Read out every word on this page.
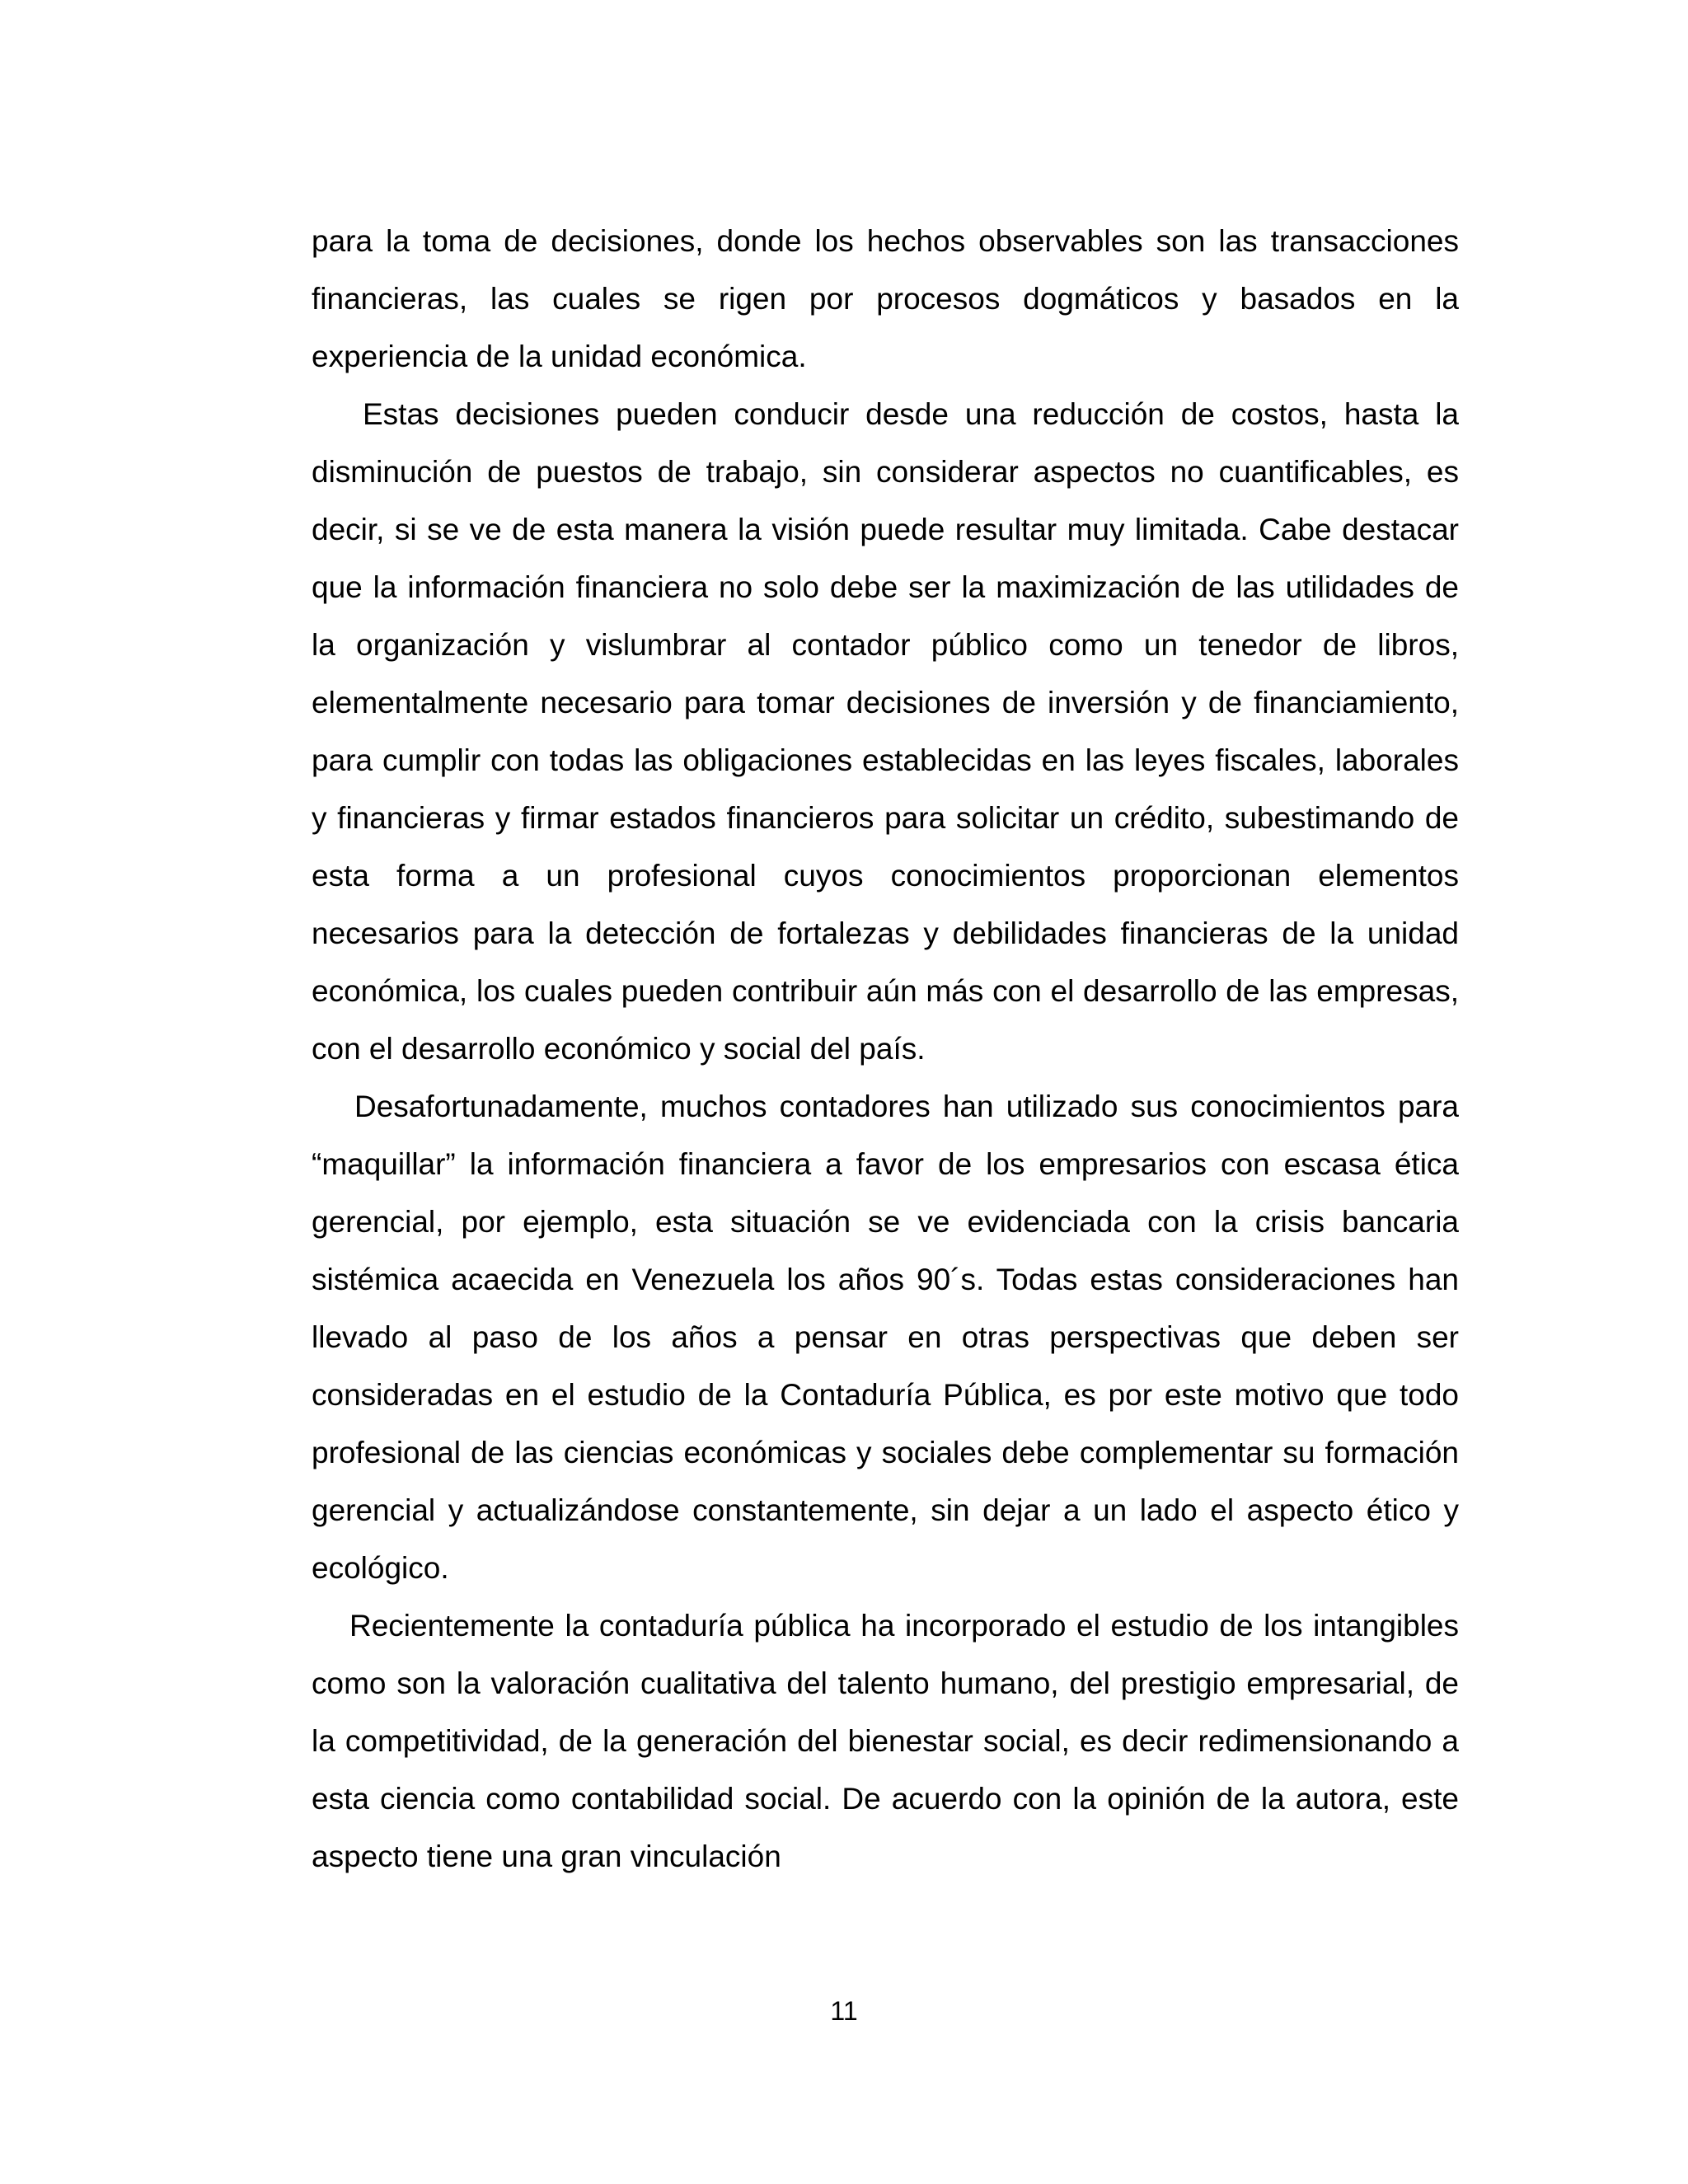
para la toma de decisiones, donde los hechos observables son las transacciones financieras, las cuales se rigen por procesos dogmáticos y basados en la experiencia de la unidad económica.

Estas decisiones pueden conducir desde una reducción de costos, hasta la disminución de puestos de trabajo, sin considerar aspectos no cuantificables, es decir, si se ve de esta manera la visión puede resultar muy limitada. Cabe destacar que la información financiera no solo debe ser la maximización de las utilidades de la organización y vislumbrar al contador público como un tenedor de libros, elementalmente necesario para tomar decisiones de inversión y de financiamiento, para cumplir con todas las obligaciones establecidas en las leyes fiscales, laborales y financieras y firmar estados financieros para solicitar un crédito, subestimando de esta forma a un profesional cuyos conocimientos proporcionan elementos necesarios para la detección de fortalezas y debilidades financieras de la unidad económica, los cuales pueden contribuir aún más con el desarrollo de las empresas, con el desarrollo económico y social del país.

Desafortunadamente, muchos contadores han utilizado sus conocimientos para “maquillar” la información financiera a favor de los empresarios con escasa ética gerencial, por ejemplo, esta situación se ve evidenciada con la crisis bancaria sistémica acaecida en Venezuela los años 90´s. Todas estas consideraciones han llevado al paso de los años a pensar en otras perspectivas que deben ser consideradas en el estudio de la Contaduría Pública, es por este motivo que todo profesional de las ciencias económicas y sociales debe complementar su formación gerencial y actualizándose constantemente, sin dejar a un lado el aspecto ético y ecológico.

Recientemente la contaduría pública ha incorporado el estudio de los intangibles como son la valoración cualitativa del talento humano, del prestigio empresarial, de la competitividad, de la generación del bienestar social, es decir redimensionando a esta ciencia como contabilidad social. De acuerdo con la opinión de la autora, este aspecto tiene una gran vinculación

11
